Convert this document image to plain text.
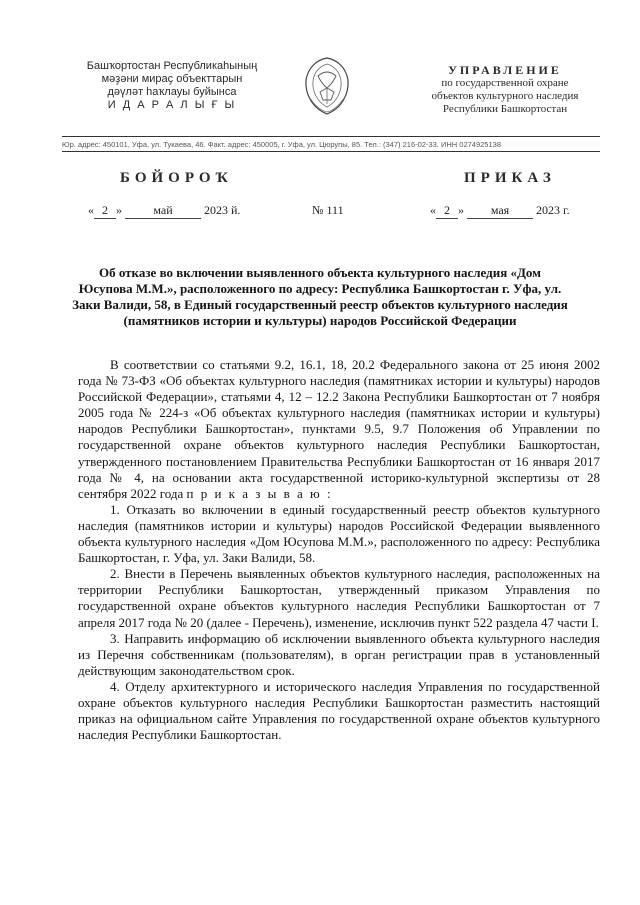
Башҡортостан Республикаһының
мәҙәни мираҫ объекттарын
дәүләт һаҡлауы буйынса
И Д А Р А Л Ы Ғ Ы
УПРАВЛЕНИЕ
по государственной охране
объектов культурного наследия
Республики Башкортостан
Юр. адрес: 450101, Уфа, ул. Тукаева, 46. Факт. адрес: 450005, г. Уфа, ул. Цюрупы, 85. Тел.: (347) 216-02-33. ИНН 0274925138
БОЙОРОҠ	ПРИКАЗ
« 2 »	май	2023 й.	№ 111	« 2 » мая 2023 г.
Об отказе во включении выявленного объекта культурного наследия «Дом Юсупова М.М.», расположенного по адресу: Республика Башкортостан г. Уфа, ул. Заки Валиди, 58, в Единый государственный реестр объектов культурного наследия (памятников истории и культуры) народов Российской Федерации

В соответствии со статьями 9.2, 16.1, 18, 20.2 Федерального закона от 25 июня 2002 года № 73-ФЗ «Об объектах культурного наследия (памятниках истории и культуры) народов Российской Федерации», статьями 4, 12 – 12.2 Закона Республики Башкортостан от 7 ноября 2005 года № 224-з «Об объектах культурного наследия (памятниках истории и культуры) народов Республики Башкортостан», пунктами 9.5, 9.7 Положения об Управлении по государственной охране объектов культурного наследия Республики Башкортостан, утвержденного постановлением Правительства Республики Башкортостан от 16 января 2017 года № 4, на основании акта государственной историко-культурной экспертизы от 28 сентября 2022 года п р и к а з ы в а ю :

1. Отказать во включении в единый государственный реестр объектов культурного наследия (памятников истории и культуры) народов Российской Федерации выявленного объекта культурного наследия «Дом Юсупова М.М.», расположенного по адресу: Республика Башкортостан, г. Уфа, ул. Заки Валиди, 58.

2. Внести в Перечень выявленных объектов культурного наследия, расположенных на территории Республики Башкортостан, утвержденный приказом Управления по государственной охране объектов культурного наследия Республики Башкортостан от 7 апреля 2017 года № 20 (далее - Перечень), изменение, исключив пункт 522 раздела 47 части I.

3. Направить информацию об исключении выявленного объекта культурного наследия из Перечня собственникам (пользователям), в орган регистрации прав в установленный действующим законодательством срок.

4. Отделу архитектурного и исторического наследия Управления по государственной охране объектов культурного наследия Республики Башкортостан разместить настоящий приказ на официальном сайте Управления по государственной охране объектов культурного наследия Республики Башкортостан.
